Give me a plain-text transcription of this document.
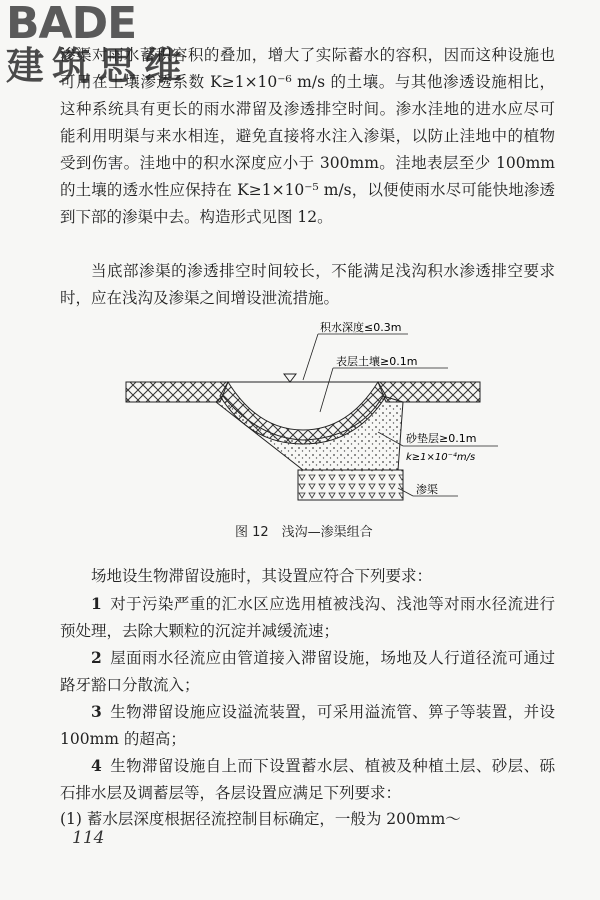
BADE
建筑思维

渗渠对雨水蓄积容积的叠加，增大了实际蓄水的容积，因而这种设施也可用在土壤渗透系数 K≥1×10⁻⁶ m/s 的土壤。与其他渗透设施相比，这种系统具有更长的雨水滞留及渗透排空时间。渗水洼地的进水应尽可能利用明渠与来水相连，避免直接将水注入渗渠，以防止洼地中的植物受到伤害。洼地中的积水深度应小于 300mm。洼地表层至少 100mm 的土壤的透水性应保持在 K≥1×10⁻⁵ m/s，以便使雨水尽可能快地渗透到下部的渗渠中去。构造形式见图 12。

当底部渗渠的渗透排空时间较长，不能满足浅沟积水渗透排空要求时，应在浅沟及渗渠之间增设泄流措施。

积水深度≤0.3m
表层土壤≥0.1m
砂垫层≥0.1m
k≥1×10⁻⁴m/s
渗渠
图 12　浅沟—渗渠组合

场地设生物滞留设施时，其设置应符合下列要求：

1 对于污染严重的汇水区应选用植被浅沟、浅池等对雨水径流进行预处理，去除大颗粒的沉淀并减缓流速；

2 屋面雨水径流应由管道接入滞留设施，场地及人行道径流可通过路牙豁口分散流入；

3 生物滞留设施应设溢流装置，可采用溢流管、箅子等装置，并设 100mm 的超高；

4 生物滞留设施自上而下设置蓄水层、植被及种植土层、砂层、砾石排水层及调蓄层等，各层设置应满足下列要求：

(1) 蓄水层深度根据径流控制目标确定，一般为 200mm～

114
